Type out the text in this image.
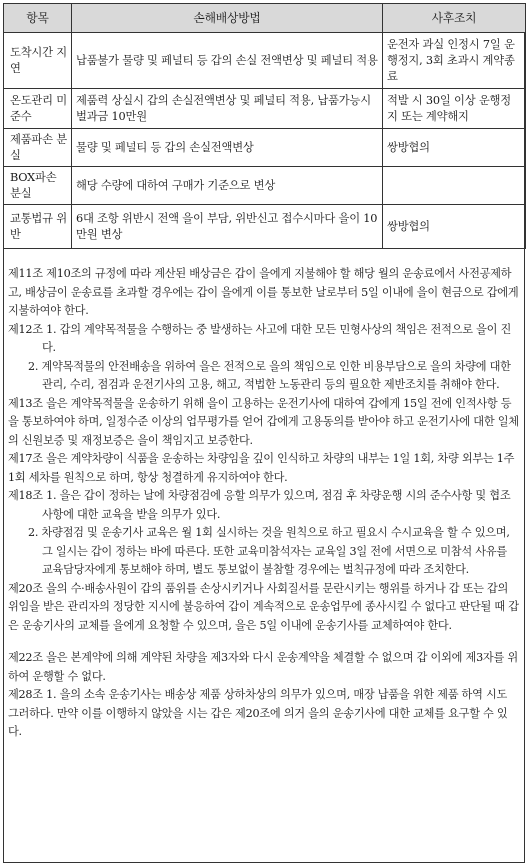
항목	손해배상방법	사후조치
도착시간 지연	납품불가 물량 및 페널티 등 갑의 손실 전액변상 및 페널티 적용	운전자 과실 인정시 7일 운행정지, 3회 초과시 계약종료
온도관리 미준수	제품력 상실시 갑의 손실전액변상 및 페널티 적용, 납품가능시 벌과금 10만원	적발 시 30일 이상 운행정지 또는 계약해지
제품파손 분실	물량 및 페널티 등 갑의 손실전액변상	쌍방협의
BOX파손 분실	해당 수량에 대하여 구매가 기준으로 변상	
교통법규 위반	6대 조항 위반시 전액 을이 부담, 위반신고 접수시마다 을이 10만원 변상	쌍방협의

제11조 제10조의 규정에 따라 계산된 배상금은 갑이 을에게 지불해야 할 해당 월의 운송료에서 사전공제하고, 배상금이 운송료를 초과할 경우에는 갑이 을에게 이를 통보한 날로부터 5일 이내에 을이 현금으로 갑에게 지불하여야 한다.

제12조 1. 갑의 계약목적물을 수행하는 중 발생하는 사고에 대한 모든 민형사상의 책임은 전적으로 을이 진다.

2. 계약목적물의 안전배송을 위하여 을은 전적으로 을의 책임으로 인한 비용부담으로 을의 차량에 대한 관리, 수리, 점검과 운전기사의 고용, 해고, 적법한 노동관리 등의 필요한 제반조치를 취해야 한다.

제13조 을은 계약목적물을 운송하기 위해 을이 고용하는 운전기사에 대하여 갑에게 15일 전에 인적사항 등을 통보하여야 하며, 일정수준 이상의 업무평가를 얻어 갑에게 고용동의를 받아야 하고 운전기사에 대한 일체의 신원보증 및 재정보증은 을이 책임지고 보증한다.

제17조 을은 계약차량이 식품을 운송하는 차량임을 깊이 인식하고 차량의 내부는 1일 1회, 차량 외부는 1주 1회 세차를 원칙으로 하며, 항상 청결하게 유지하여야 한다.

제18조 1. 을은 갑이 정하는 날에 차량점검에 응할 의무가 있으며, 점검 후 차량운행 시의 준수사항 및 협조사항에 대한 교육을 받을 의무가 있다.

2. 차량점검 및 운송기사 교육은 월 1회 실시하는 것을 원칙으로 하고 필요시 수시교육을 할 수 있으며, 그 일시는 갑이 정하는 바에 따른다. 또한 교육미참석자는 교육일 3일 전에 서면으로 미참석 사유를 교육담당자에게 통보해야 하며, 별도 통보없이 불참할 경우에는 벌칙규정에 따라 조치한다.

제20조 을의 수·배송사원이 갑의 품위를 손상시키거나 사회질서를 문란시키는 행위를 하거나 갑 또는 갑의 위임을 받은 관리자의 정당한 지시에 불응하여 갑이 계속적으로 운송업무에 종사시킬 수 없다고 판단될 때 갑은 운송기사의 교체를 을에게 요청할 수 있으며, 을은 5일 이내에 운송기사를 교체하여야 한다.

제22조 을은 본계약에 의해 계약된 차량을 제3자와 다시 운송계약을 체결할 수 없으며 갑 이외에 제3자를 위하여 운행할 수 없다.

제28조 1. 을의 소속 운송기사는 배송상 제품 상하차상의 의무가 있으며, 매장 납품을 위한 제품 하역 시도 그러하다. 만약 이를 이행하지 않았을 시는 갑은 제20조에 의거 을의 운송기사에 대한 교체를 요구할 수 있다.
